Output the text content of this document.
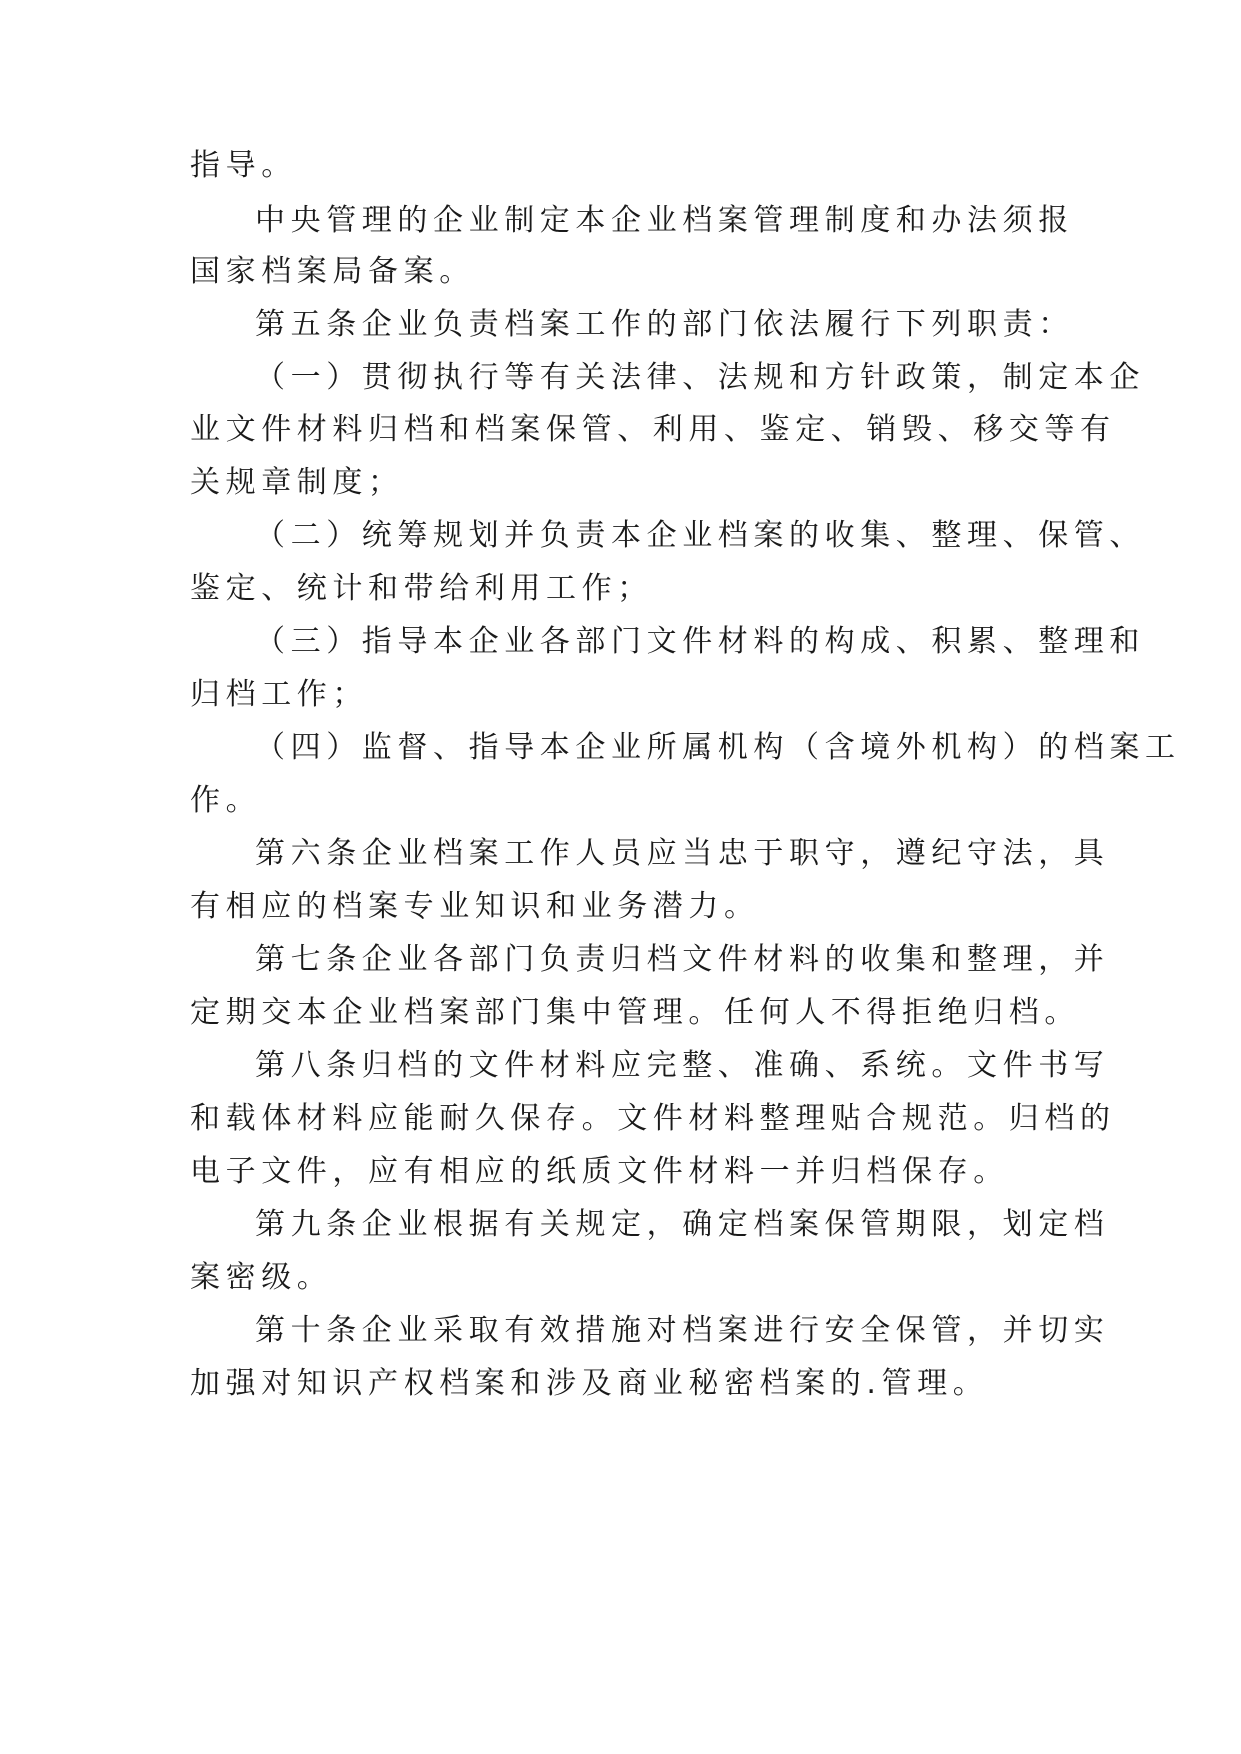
指导。
中央管理的企业制定本企业档案管理制度和办法须报
国家档案局备案。
第五条企业负责档案工作的部门依法履行下列职责：
（一）贯彻执行等有关法律、法规和方针政策，制定本企
业文件材料归档和档案保管、利用、鉴定、销毁、移交等有
关规章制度；
（二）统筹规划并负责本企业档案的收集、整理、保管、
鉴定、统计和带给利用工作；
（三）指导本企业各部门文件材料的构成、积累、整理和
归档工作；
（四）监督、指导本企业所属机构（含境外机构）的档案工
作。
第六条企业档案工作人员应当忠于职守，遵纪守法，具
有相应的档案专业知识和业务潜力。
第七条企业各部门负责归档文件材料的收集和整理，并
定期交本企业档案部门集中管理。任何人不得拒绝归档。
第八条归档的文件材料应完整、准确、系统。文件书写
和载体材料应能耐久保存。文件材料整理贴合规范。归档的
电子文件，应有相应的纸质文件材料一并归档保存。
第九条企业根据有关规定，确定档案保管期限，划定档
案密级。
第十条企业采取有效措施对档案进行安全保管，并切实
加强对知识产权档案和涉及商业秘密档案的.管理。
